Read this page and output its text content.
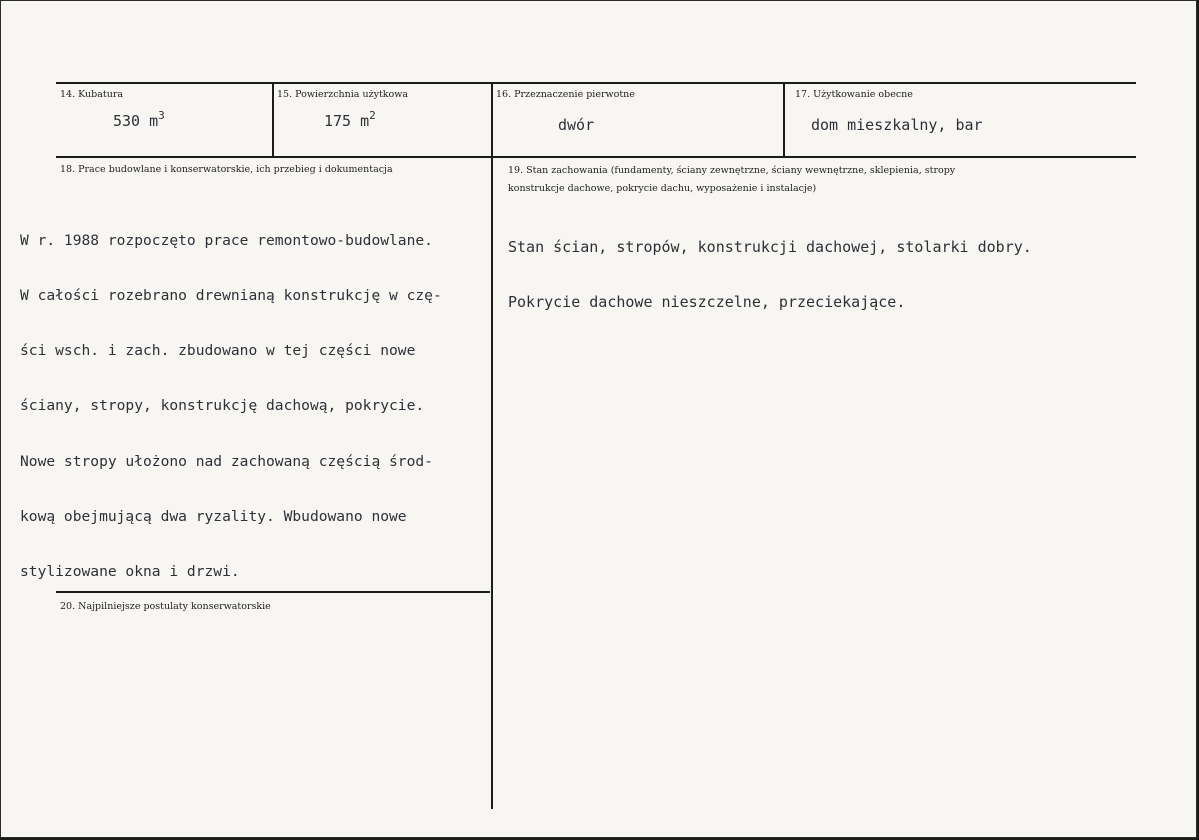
14. Kubatura
530 $m^3$
15. Powierzchnia użytkowa
175 $m^2$
16. Przeznaczenie pierwotne
dwór
17. Użytkowanie obecne
dom mieszkalny, bar
18. Prace budowlane i konserwatorskie, ich przebieg i dokumentacja

W r. 1988 rozpoczęto prace remontowo-budowlane.

W całości rozebrano drewnianą konstrukcję w czę-

ści wsch. i zach. zbudowano w tej części nowe

ściany, stropy, konstrukcję dachową, pokrycie.

Nowe stropy ułożono nad zachowaną częścią środ-

kową obejmującą dwa ryzality. Wbudowano nowe

stylizowane okna i drzwi.

19. Stan zachowania (fundamenty, ściany zewnętrzne, ściany wewnętrzne, sklepienia, stropy
konstrukcje dachowe, pokrycie dachu, wyposażenie i instalacje)

Stan ścian, stropów, konstrukcji dachowej, stolarki dobry.

Pokrycie dachowe nieszczelne, przeciekające.

20. Najpilniejsze postulaty konserwatorskie
